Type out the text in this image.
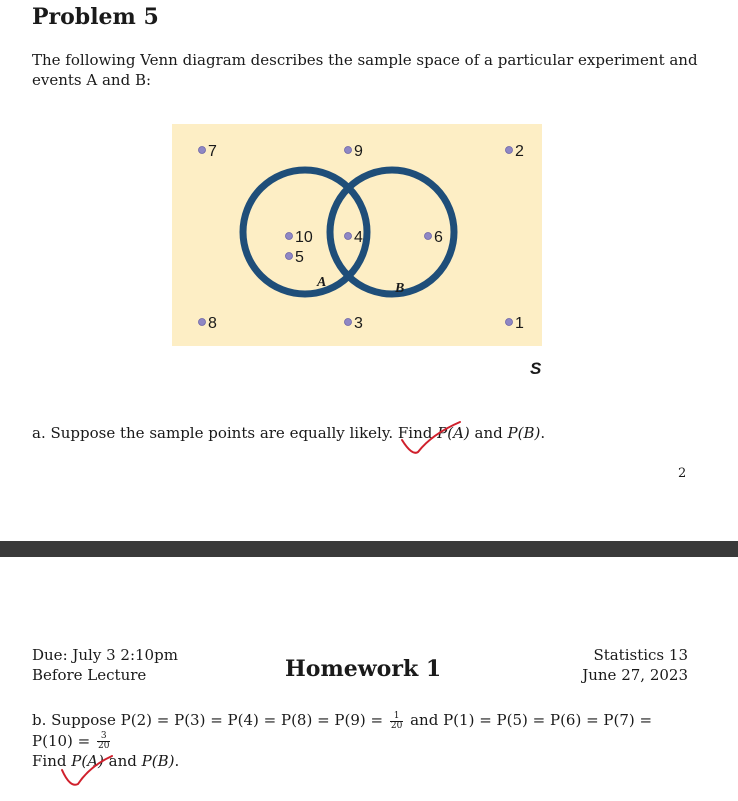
Problem 5
The following Venn diagram describes the sample space of a particular experiment and events A and B:
7	9	2
8	3	1
10
5
4	6
A	B
S
a. Suppose the sample points are equally likely. Find P(A) and P(B).
2
Due: July 3 2:10pm
Before Lecture	Homework 1
Statistics 13
June 27, 2023
b. Suppose $P(2) = P(3) = P(4) = P(8) = P(9) = \frac{1}{20}$ and P(1) = P(5) = P(6) = P(7) =
$P(10) = \frac{3}{20}$
Find P(A) and P(B).
